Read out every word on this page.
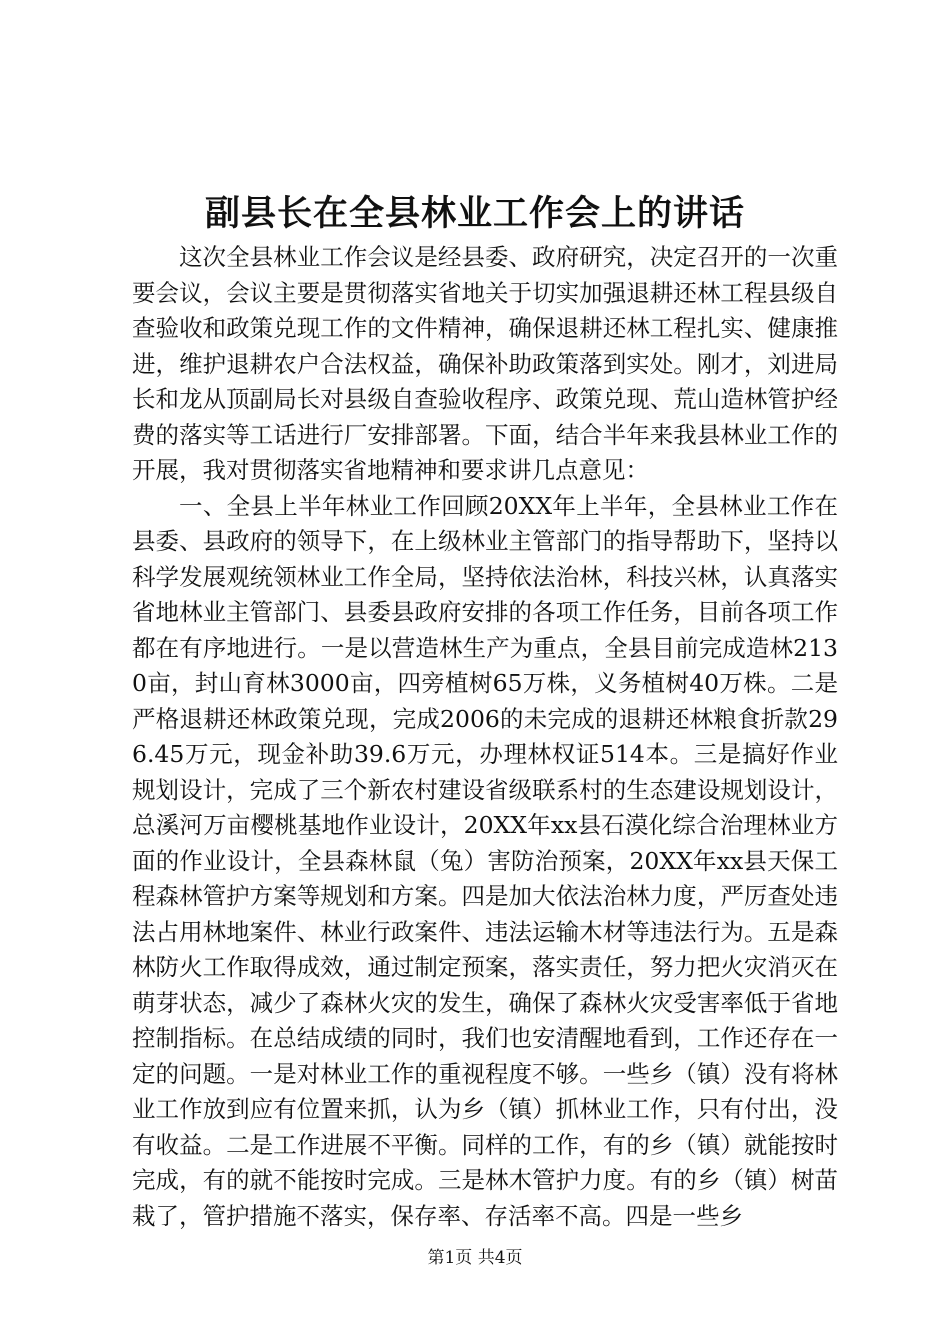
副县长在全县林业工作会上的讲话

这次全县林业工作会议是经县委、政府研究，决定召开的一次重要会议，会议主要是贯彻落实省地关于切实加强退耕还林工程县级自查验收和政策兑现工作的文件精神，确保退耕还林工程扎实、健康推进，维护退耕农户合法权益，确保补助政策落到实处。刚才，刘进局长和龙从顶副局长对县级自查验收程序、政策兑现、荒山造林管护经费的落实等工话进行厂安排部署。下面，结合半年来我县林业工作的开展，我对贯彻落实省地精神和要求讲几点意见：

一、全县上半年林业工作回顾20XX年上半年，全县林业工作在县委、县政府的领导下，在上级林业主管部门的指导帮助下，坚持以科学发展观统领林业工作全局，坚持依法治林，科技兴林，认真落实省地林业主管部门、县委县政府安排的各项工作任务，目前各项工作都在有序地进行。一是以营造林生产为重点，全县目前完成造林2130亩，封山育林3000亩，四旁植树65万株，义务植树40万株。二是严格退耕还林政策兑现，完成2006的未完成的退耕还林粮食折款296.45万元，现金补助39.6万元，办理林权证514本。三是搞好作业规划设计，完成了三个新农村建设省级联系村的生态建设规划设计，总溪河万亩樱桃基地作业设计，20XX年xx县石漠化综合治理林业方面的作业设计，全县森林鼠（兔）害防治预案，20XX年xx县天保工程森林管护方案等规划和方案。四是加大依法治林力度，严厉查处违法占用林地案件、林业行政案件、违法运输木材等违法行为。五是森林防火工作取得成效，通过制定预案，落实责任，努力把火灾消灭在萌芽状态，减少了森林火灾的发生，确保了森林火灾受害率低于省地控制指标。在总结成绩的同时，我们也安清醒地看到，工作还存在一定的问题。一是对林业工作的重视程度不够。一些乡（镇）没有将林业工作放到应有位置来抓，认为乡（镇）抓林业工作，只有付出，没有收益。二是工作进展不平衡。同样的工作，有的乡（镇）就能按时完成，有的就不能按时完成。三是林木管护力度。有的乡（镇）树苗栽了，管护措施不落实，保存率、存活率不高。四是一些乡

第1页 共4页
